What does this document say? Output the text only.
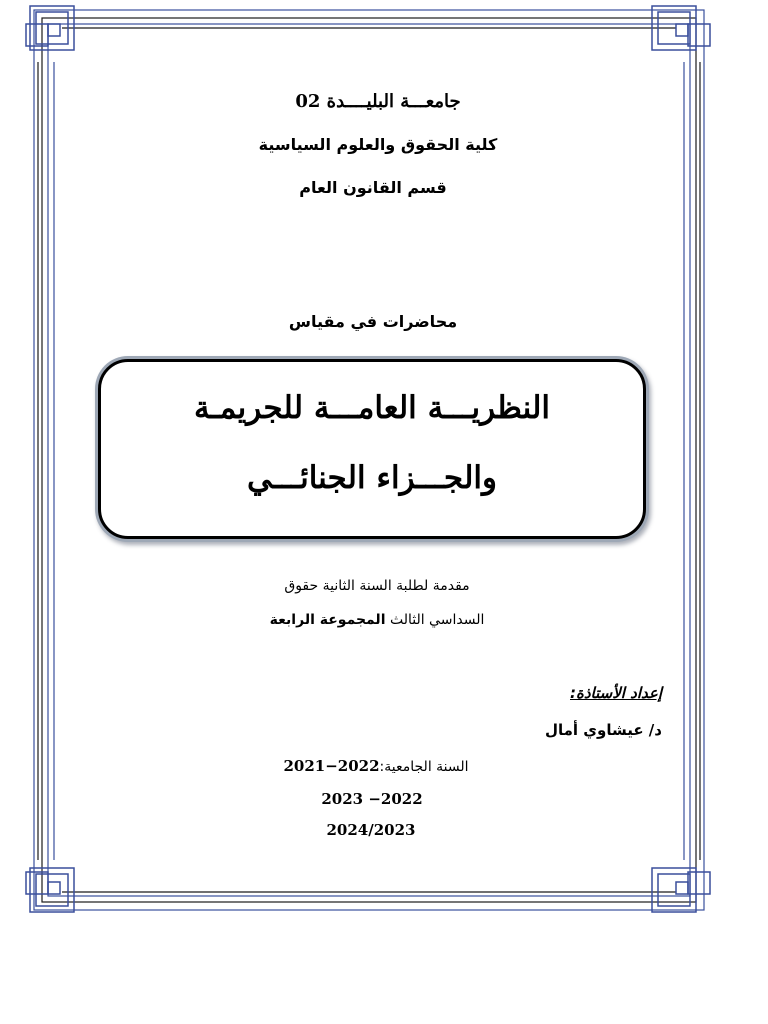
جامعـــة البليــــدة 02
كلية الحقوق والعلوم السياسية
قسم القانون العام
محاضرات في مقياس
النظريـــة العامـــة للجريمـة
والجـــزاء الجنائـــي
مقدمة لطلبة السنة الثانية حقوق
السداسي الثالث المجموعة الرابعة
إعداد الأستاذة:
د/ عيشاوي أمال
السنة الجامعية:2021−2022
2022− 2023
2024/2023
